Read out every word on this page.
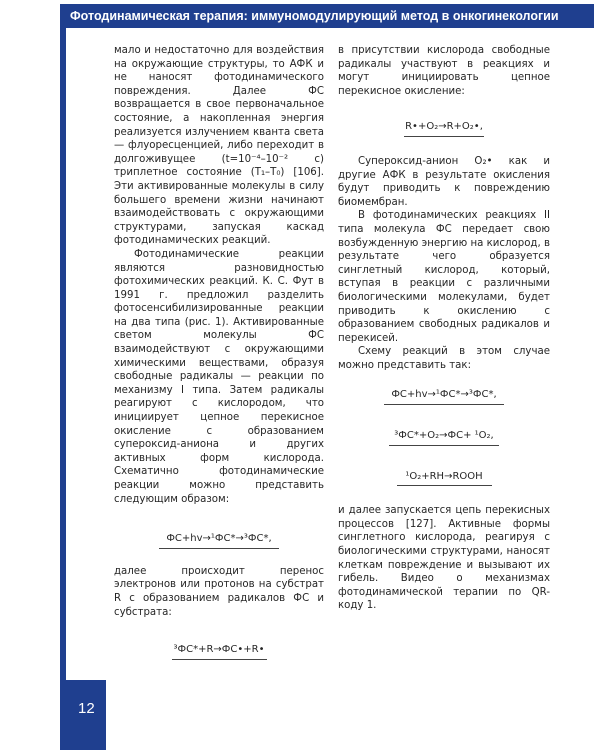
Фотодинамическая терапия: иммуномодулирующий метод в онкогинекологии

мало и недостаточно для воздействия на окружающие структуры, то АФК и не наносят фотодинамического повреждения. Далее ФС возвращается в свое первоначальное состояние, а накопленная энергия реализуется излучением кванта света — флуоресценцией, либо переходит в долгоживущее (t=10⁻⁴–10⁻² с) триплетное состояние (T₁–T₀) [106]. Эти активированные молекулы в силу большего времени жизни начинают взаимодействовать с окружающими структурами, запуская каскад фотодинамических реакций.

Фотодинамические реакции являются разновидностью фотохимических реакций. К. С. Фут в 1991 г. предложил разделить фотосенсибилизированные реакции на два типа (рис. 1). Активированные светом молекулы ФС взаимодействуют с окружающими химическими веществами, образуя свободные радикалы — реакции по механизму I типа. Затем радикалы реагируют с кислородом, что инициирует цепное перекисное окисление с образованием супероксид-аниона и других активных форм кислорода. Схематично фотодинамические реакции можно представить следующим образом:

ФС+hv→¹ФС*→³ФС*,

далее происходит перенос электронов или протонов на субстрат R с образованием радикалов ФС и субстрата:

³ФС*+R→ФС•+R•

в присутствии кислорода свободные радикалы участвуют в реакциях и могут инициировать цепное перекисное окисление:

R•+O₂→R+O₂•,

Супероксид-анион O₂• как и другие АФК в результате окисления будут приводить к повреждению биомембран.

В фотодинамических реакциях II типа молекула ФС передает свою возбужденную энергию на кислород, в результате чего образуется синглетный кислород, который, вступая в реакции с различными биологическими молекулами, будет приводить к окислению с образованием свободных радикалов и перекисей.

Схему реакций в этом случае можно представить так:

ФС+hv→¹ФС*→³ФС*,
³ФС*+O₂→ФС+ ¹O₂,
¹O₂+RH→ROOH

и далее запускается цепь перекисных процессов [127]. Активные формы синглетного кислорода, реагируя с биологическими структурами, наносят клеткам повреждение и вызывают их гибель. Видео о механизмах фотодинамической терапии по QR-коду 1.

12
